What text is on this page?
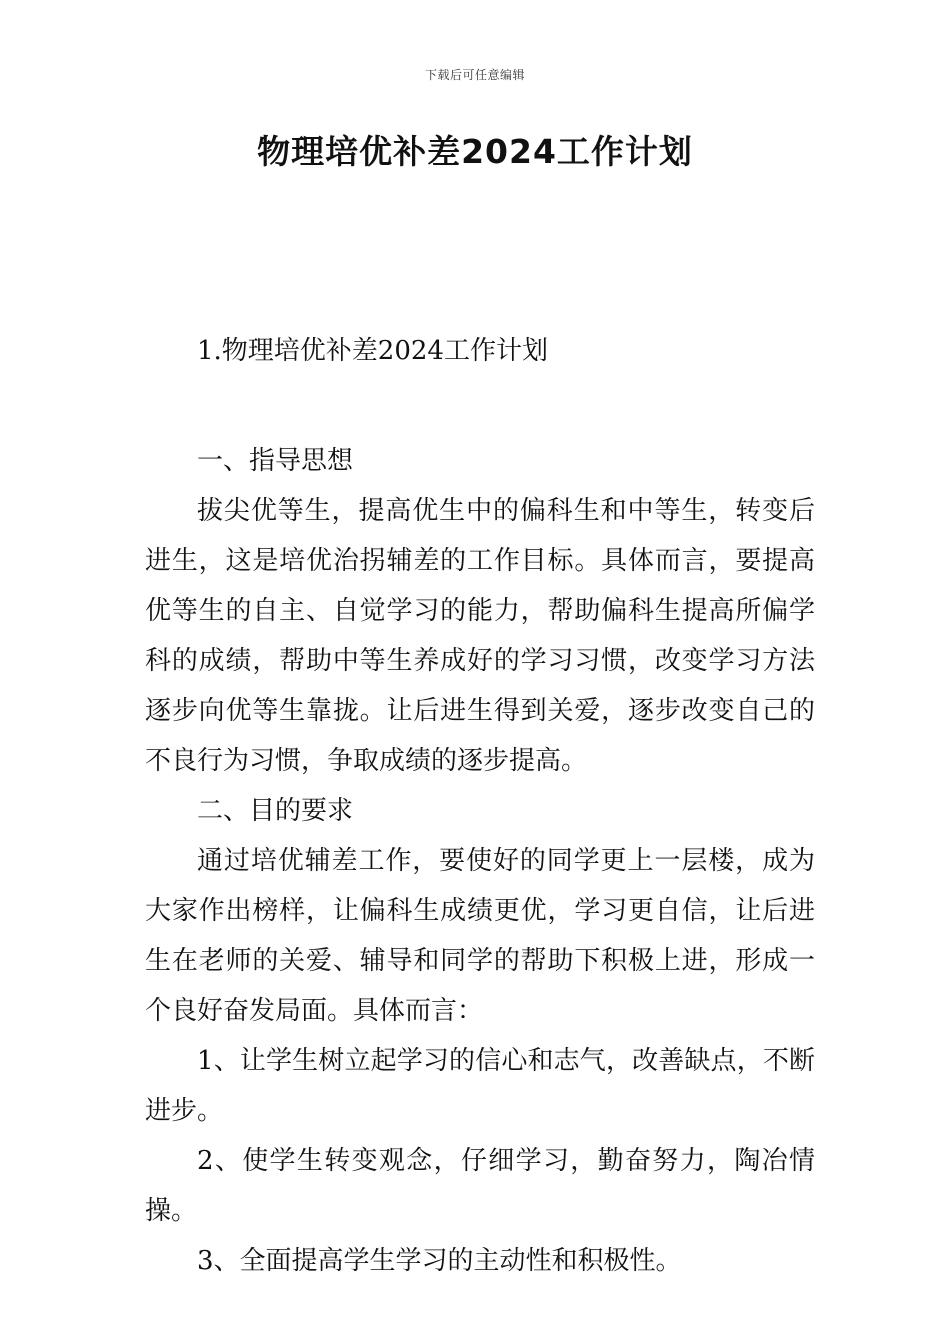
下载后可任意编辑
物理培优补差2024工作计划

1.物理培优补差2024工作计划

一、指导思想

拔尖优等生，提高优生中的偏科生和中等生，转变后进生，这是培优治拐辅差的工作目标。具体而言，要提高优等生的自主、自觉学习的能力，帮助偏科生提高所偏学科的成绩，帮助中等生养成好的学习习惯，改变学习方法逐步向优等生靠拢。让后进生得到关爱，逐步改变自己的不良行为习惯，争取成绩的逐步提高。

二、目的要求

通过培优辅差工作，要使好的同学更上一层楼，成为大家作出榜样，让偏科生成绩更优，学习更自信，让后进生在老师的关爱、辅导和同学的帮助下积极上进，形成一个良好奋发局面。具体而言：

1、让学生树立起学习的信心和志气，改善缺点，不断进步。

2、使学生转变观念，仔细学习，勤奋努力，陶冶情操。

3、全面提高学生学习的主动性和积极性。
